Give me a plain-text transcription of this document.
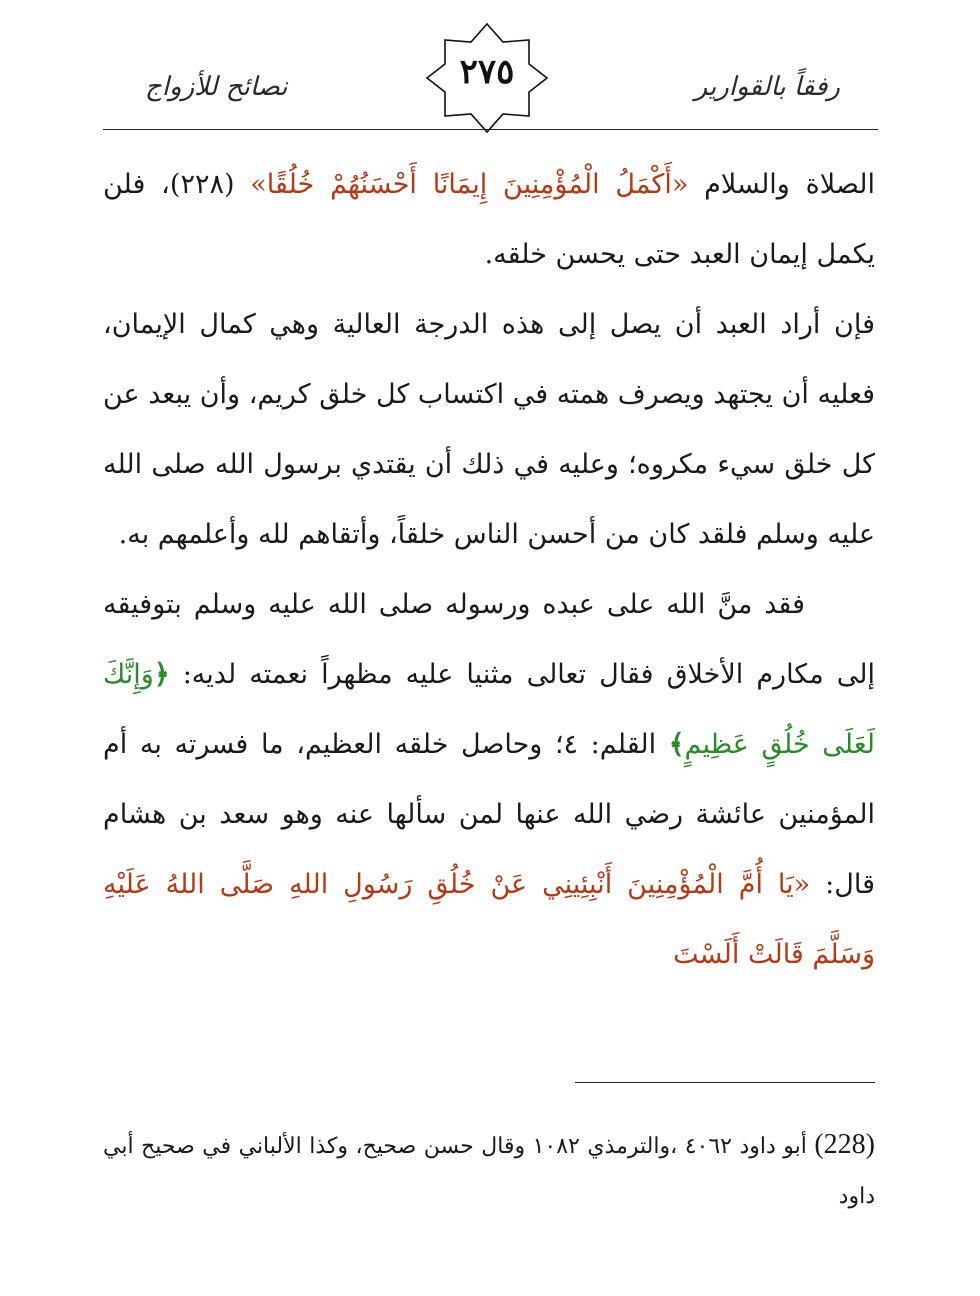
رفقاً بالقوارير
٢٧٥
نصائح للأزواج

الصلاة والسلام «أَكْمَلُ الْمُؤْمِنِينَ إِيمَانًا أَحْسَنُهُمْ خُلُقًا» (٢٢٨)، فلن يكمل إيمان العبد حتى يحسن خلقه.

فإن أراد العبد أن يصل إلى هذه الدرجة العالية وهي كمال الإيمان، فعليه أن يجتهد ويصرف همته في اكتساب كل خلق كريم، وأن يبعد عن كل خلق سيء مكروه؛ وعليه في ذلك أن يقتدي برسول الله صلى الله عليه وسلم فلقد كان من أحسن الناس خلقاً، وأتقاهم لله وأعلمهم به.

فقد منَّ الله على عبده ورسوله صلى الله عليه وسلم بتوفيقه إلى مكارم الأخلاق فقال تعالى مثنيا عليه مظهراً نعمته لديه: ﴿وَإِنَّكَ لَعَلَى خُلُقٍ عَظِيمٍ﴾ القلم: ٤؛ وحاصل خلقه العظيم، ما فسرته به أم المؤمنين عائشة رضي الله عنها لمن سألها عنه وهو سعد بن هشام قال: «يَا أُمَّ الْمُؤْمِنِينَ أَنْبِئِينِي عَنْ خُلُقِ رَسُولِ اللهِ صَلَّى اللهُ عَلَيْهِ وَسَلَّمَ قَالَتْ أَلَسْتَ

(228) أبو داود ٤٠٦٢ ،والترمذي ١٠٨٢ وقال حسن صحيح، وكذا الألباني في صحيح أبي داود
